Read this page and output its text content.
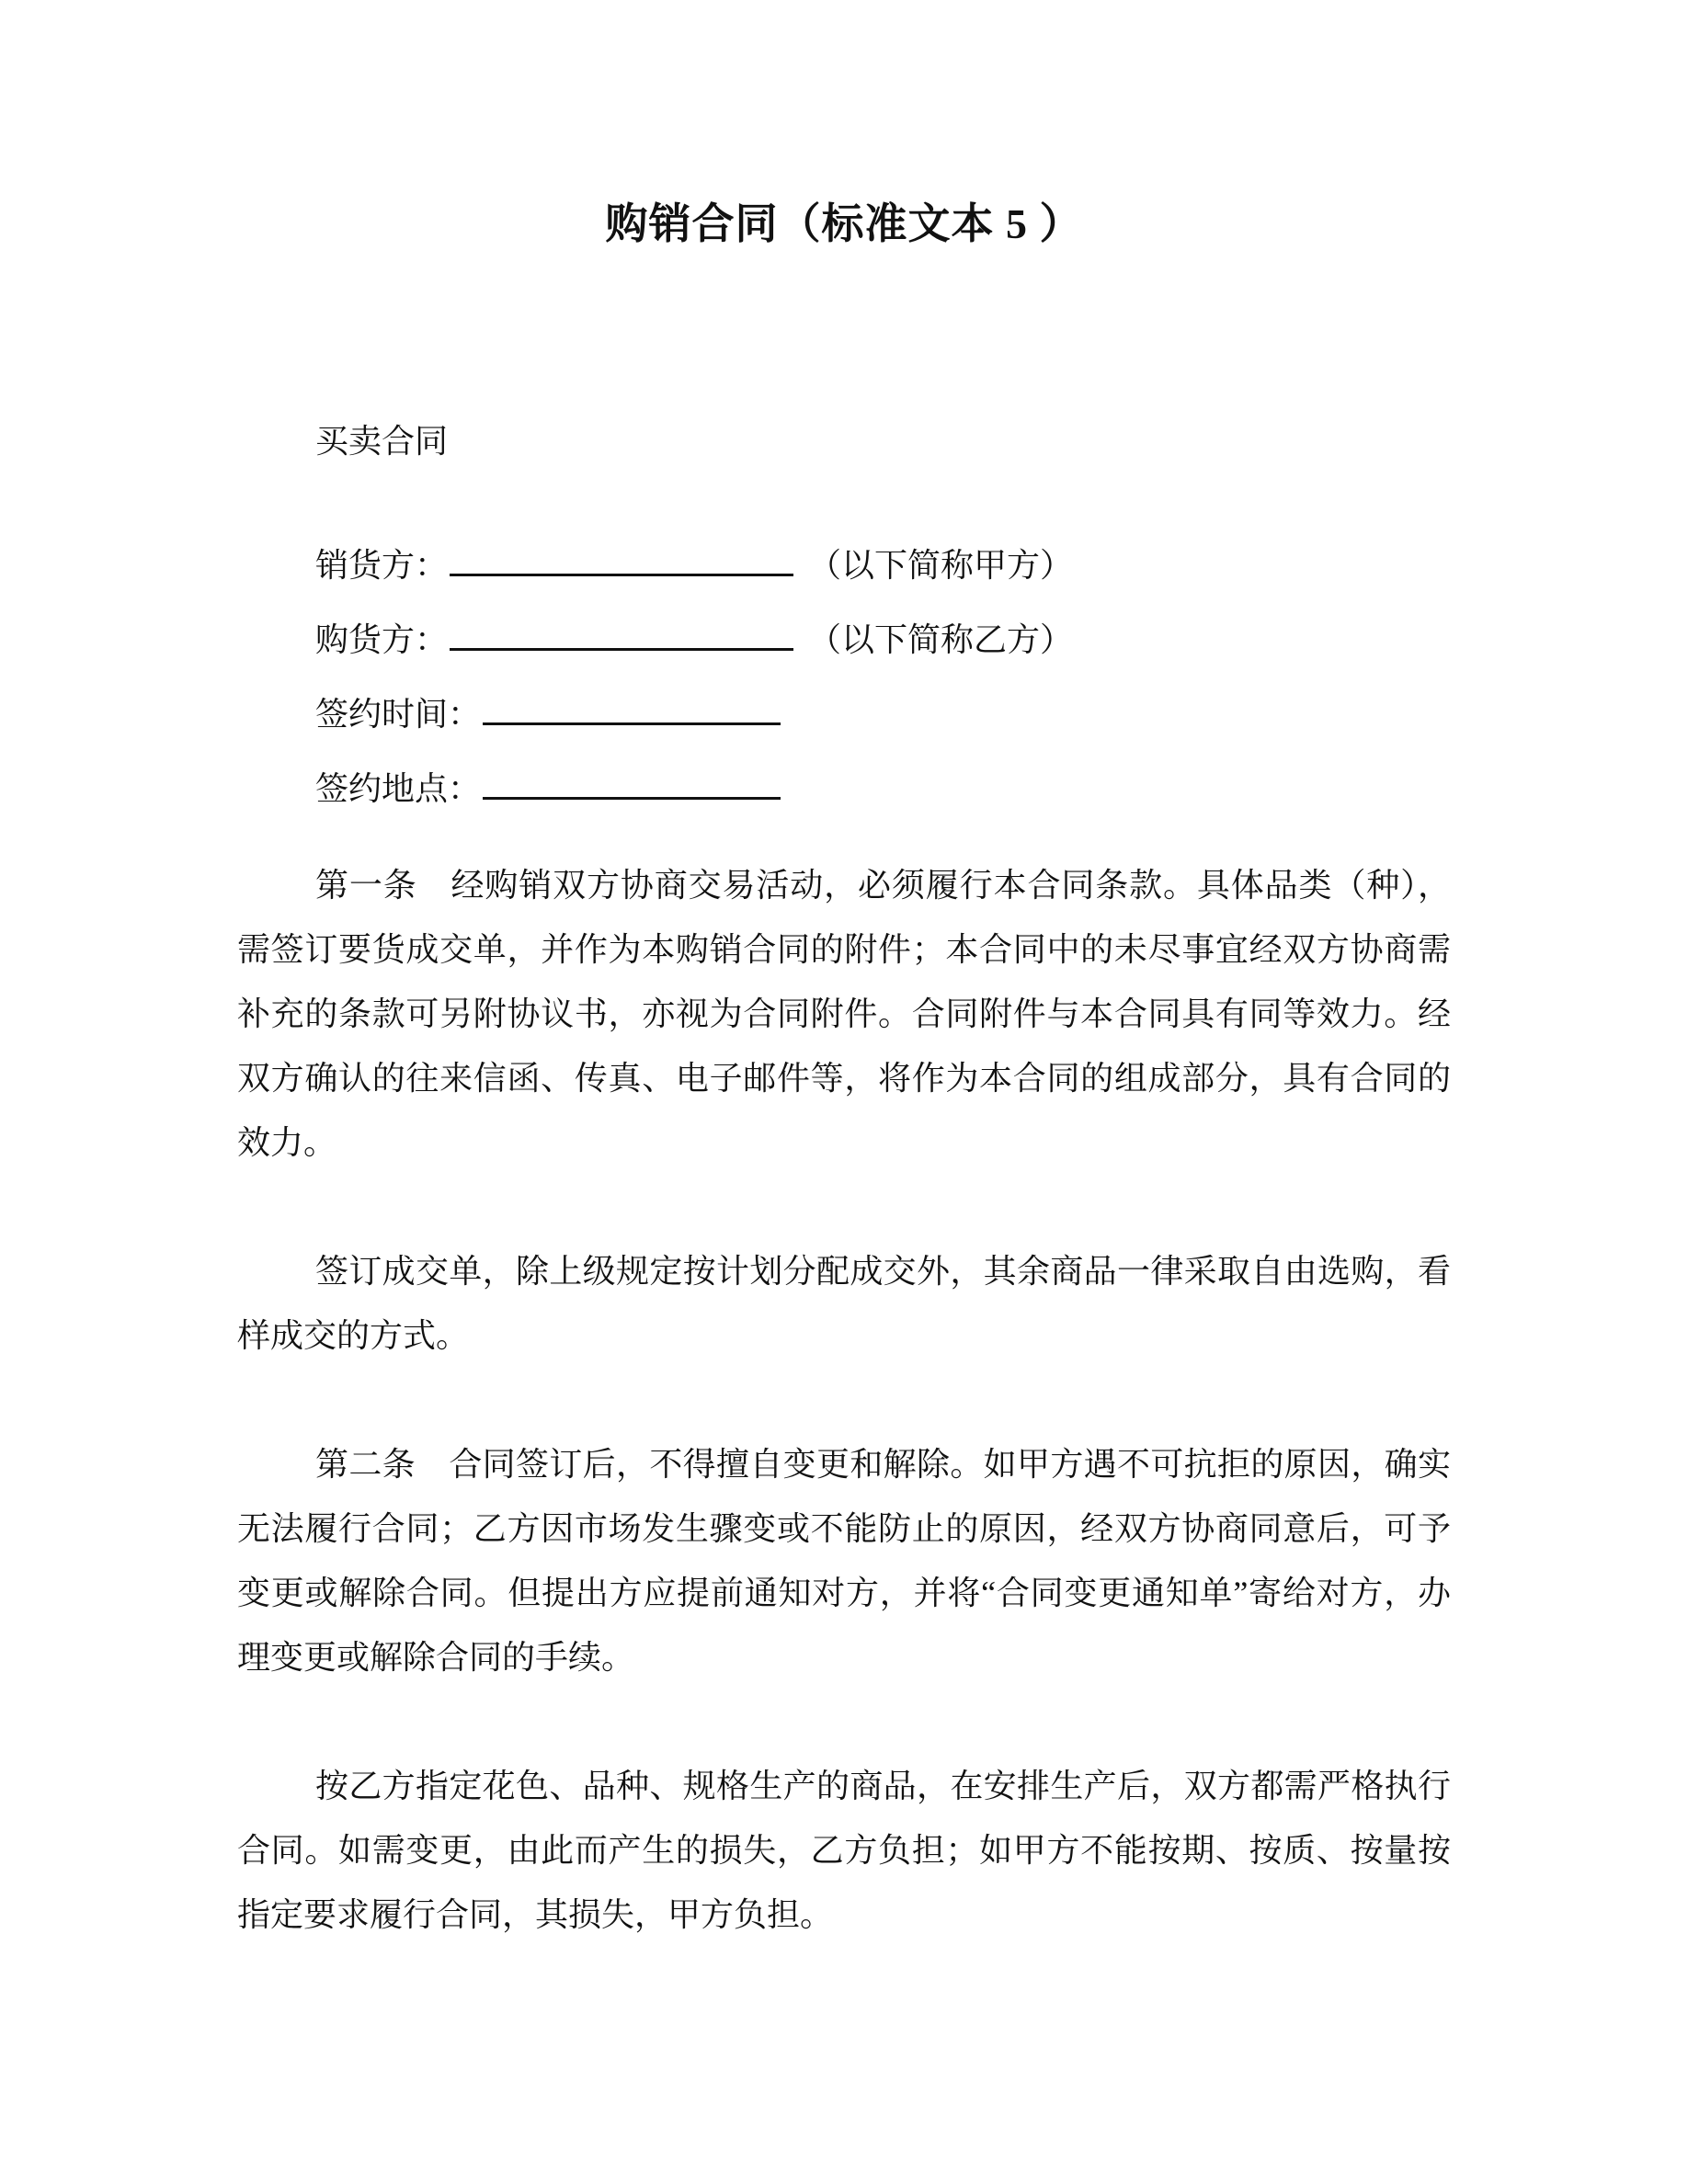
购销合同（标准文本 5 ）
买卖合同
销货方：	（以下简称甲方）
购货方：	（以下简称乙方）
签约时间：
签约地点：
第一条　经购销双方协商交易活动，必须履行本合同条款。具体品类（种），需签订要货成交单，并作为本购销合同的附件；本合同中的未尽事宜经双方协商需补充的条款可另附协议书，亦视为合同附件。合同附件与本合同具有同等效力。经双方确认的往来信函、传真、电子邮件等，将作为本合同的组成部分，具有合同的效力。
签订成交单，除上级规定按计划分配成交外，其余商品一律采取自由选购，看样成交的方式。
第二条　合同签订后，不得擅自变更和解除。如甲方遇不可抗拒的原因，确实无法履行合同；乙方因市场发生骤变或不能防止的原因，经双方协商同意后，可予变更或解除合同。但提出方应提前通知对方，并将“合同变更通知单”寄给对方，办理变更或解除合同的手续。
按乙方指定花色、品种、规格生产的商品，在安排生产后，双方都需严格执行合同。如需变更，由此而产生的损失，乙方负担；如甲方不能按期、按质、按量按指定要求履行合同，其损失，甲方负担。
